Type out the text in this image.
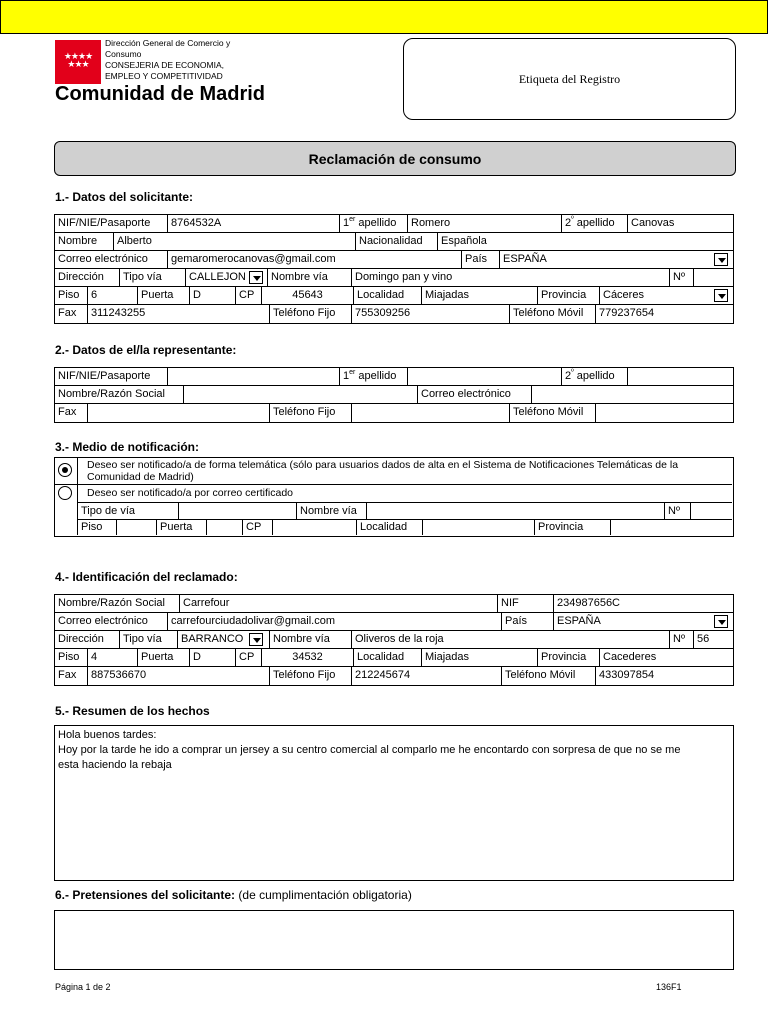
★★★★ ★★★
Dirección General de Comercio y Consumo
CONSEJERIA DE ECONOMIA, EMPLEO Y COMPETITIVIDAD
Comunidad de Madrid
Etiqueta del Registro
Reclamación de consumo
1.- Datos del solicitante:
NIF/NIE/Pasaporte	8764532A	1er apellido	Romero	$2^º$ apellido	Canovas
Nombre	Alberto	Nacionalidad	Española
Correo electrónico	gemaromerocanovas@gmail.com	País	ESPAÑA
Dirección	Tipo vía	CALLEJON	Nombre vía	Domingo pan y vino	Nº
Piso	6	Puerta	D	CP	45643	Localidad	Miajadas	Provincia	Cáceres
Fax	311243255	Teléfono Fijo	755309256	Teléfono Móvil	779237654
2.- Datos de el/la representante:
NIF/NIE/Pasaporte	1er apellido	$2^º$ apellido
Nombre/Razón Social	Correo electrónico
Fax	Teléfono Fijo	Teléfono Móvil
3.- Medio de notificación:
Deseo ser notificado/a de forma telemática (sólo para usuarios dados de alta en el Sistema de Notificaciones Telemáticas de la Comunidad de Madrid)
Deseo ser notificado/a por correo certificado
Tipo de vía	Nombre vía	Nº
Piso	Puerta	CP	Localidad	Provincia
4.- Identificación del reclamado:
Nombre/Razón Social	Carrefour	NIF	234987656C
Correo electrónico	carrefourciudadolivar@gmail.com	País	ESPAÑA
Dirección	Tipo vía	BARRANCO	Nombre vía	Oliveros de la roja	Nº	56
Piso	4	Puerta	D	CP	34532	Localidad	Miajadas	Provincia	Cacederes
Fax	887536670	Teléfono Fijo	212245674	Teléfono Móvil	433097854
5.- Resumen de los hechos
Hola buenos tardes:
Hoy por la tarde he ido a comprar un jersey a su centro comercial al comparlo me he encontardo con sorpresa de que no se me
esta haciendo la rebaja
6.- Pretensiones del solicitante: (de cumplimentación obligatoria)
Página 1 de 2	136F1
